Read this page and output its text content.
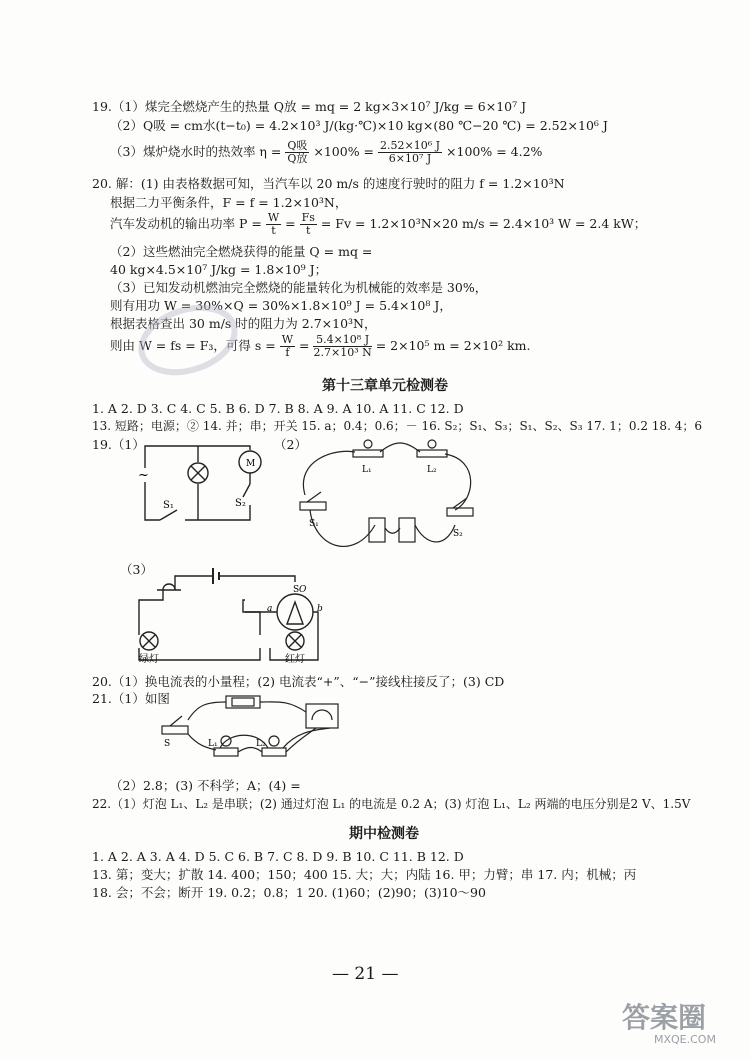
19.（1）煤完全燃烧产生的热量 Q放 = mq = 2 kg×3×10⁷ J/kg = 6×10⁷ J
（2）Q吸 = cm水(t−t₀) = 4.2×10³ J/(kg·℃)×10 kg×(80 ℃−20 ℃) = 2.52×10⁶ J
（3）煤炉烧水时的热效率 $\eta = \frac{\text{Q吸}}{\text{Q放}} \times 100\% = \frac{\text{2.52×10⁶ J}}{\text{6×10⁷ J}} \times 100\% = 4.2\%$
20. 解：(1) 由表格数据可知，当汽车以 20 m/s 的速度行驶时的阻力 f = 1.2×10³N
根据二力平衡条件，F = f = 1.2×10³N，
汽车发动机的输出功率 $P = \frac{W}{t} = \frac{Fs}{t} = Fv = 1.2\times 10^3N\times 20$ m/s = 2.4×10³ W = 2.4 kW；
（2）这些燃油完全燃烧获得的能量 Q = mq =
40 kg×4.5×10⁷ J/kg = 1.8×10⁹ J；
（3）已知发动机燃油完全燃烧的能量转化为机械能的效率是 30%，
则有用功 W = 30%×Q = 30%×1.8×10⁹ J = 5.4×10⁸ J，
根据表格查出 30 m/s 时的阻力为 2.7×10³N，
则由 W = fs = F₃，可得 $s = \frac{W}{f} = \frac{\text{5.4×10⁸ J}}{\text{2.7×10³ N}} = 2\times 10^5$ m = 2×10² km.
第十三章单元检测卷
1. A 2. D 3. C 4. C 5. B 6. D 7. B 8. A 9. A 10. A 11. C 12. D
13. 短路；电源；② 14. 并；串；开关 15. a；0.4；0.6；－ 16. S₂；S₁、S₃；S₁、S₂、S₃ 17. 1；0.2 18. 4；6
19.（1）	（2）
M
~
S₁	S₂
L₁	L₂
S₁
S₂
（3）
S O
a	b
绿灯	红灯
20.（1）换电流表的小量程；(2) 电流表“+”、“−”接线柱接反了；(3) CD
21.（1）如图
S	L₁	L₂
（2）2.8；(3) 不科学；A；(4) =
22.（1）灯泡 L₁、L₂ 是串联；(2) 通过灯泡 L₁ 的电流是 0.2 A；(3) 灯泡 L₁、L₂ 两端的电压分别是2 V、1.5V
期中检测卷
1. A 2. A 3. A 4. D 5. C 6. B 7. C 8. D 9. B 10. C 11. B 12. D
13. 第；变大；扩散 14. 400；150；400 15. 大；大；内陆 16. 甲；力臂；串 17. 内；机械；丙
18. 会；不会；断开 19. 0.2；0.8；1 20. (1)60；(2)90；(3)10～90
— 21 —
答案圈
MXQE.COM
